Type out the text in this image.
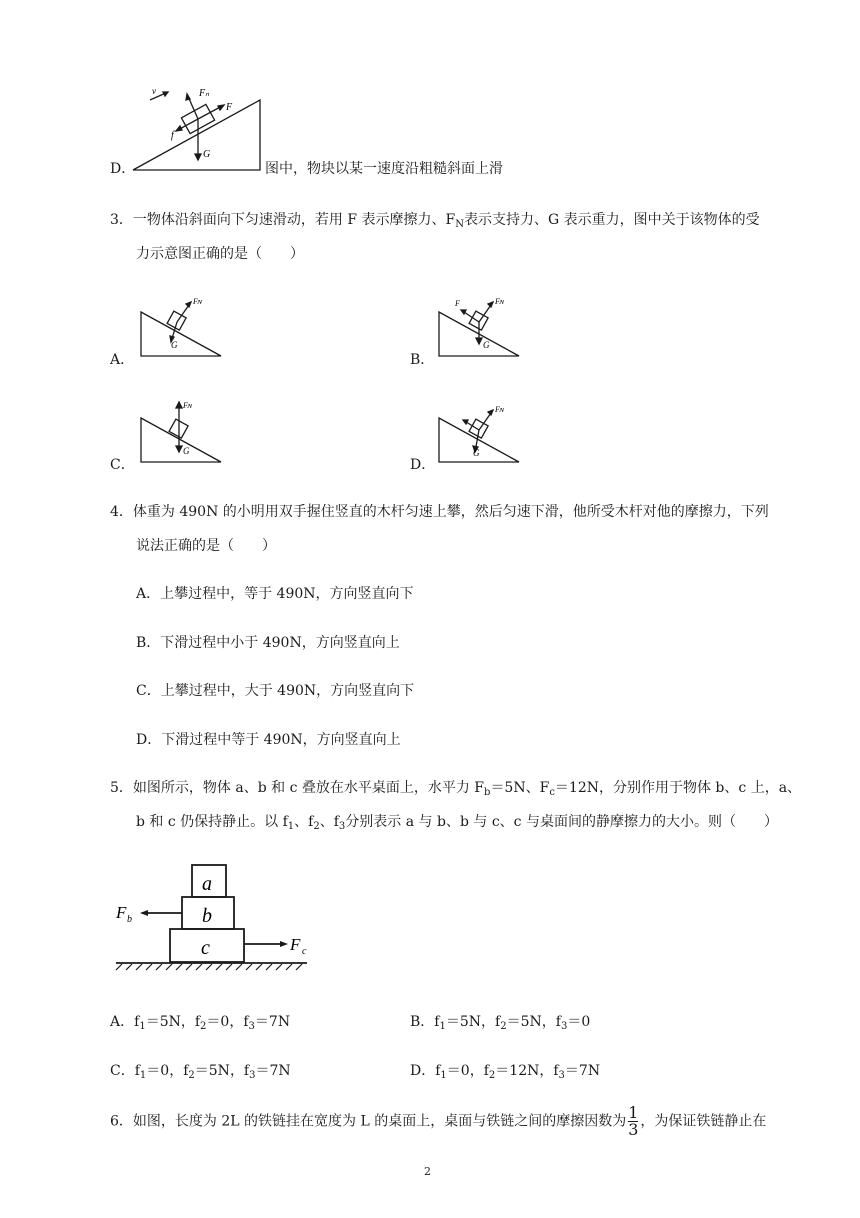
D．
v	Fₙ
F
f
G
图中，物块以某一速度沿粗糙斜面上滑
3．一物体沿斜面向下匀速滑动，若用 F 表示摩擦力、$F_N$表示支持力、G 表示重力，图中关于该物体的受
力示意图正确的是（　　）
A．
Fɴ
G
B．
F	Fɴ
G
C．
Fɴ
G
D．
Fɴ
G
4．体重为 490N 的小明用双手握住竖直的木杆匀速上攀，然后匀速下滑，他所受木杆对他的摩擦力，下列
说法正确的是（　　）
A．上攀过程中，等于 490N，方向竖直向下
B．下滑过程中小于 490N，方向竖直向上
C．上攀过程中，大于 490N，方向竖直向下
D．下滑过程中等于 490N，方向竖直向上
5．如图所示，物体 a、b 和 c 叠放在水平桌面上，水平力 $F_b=5N$、$F_c=12N$，分别作用于物体 b、c 上，a、
b 和 c 仍保持静止。以 $f_1$、$f_2$、$f_3$分别表示 a 与 b、b 与 c、c 与桌面间的静摩擦力的大小。则（　　）
a
b
c
F b
F c
A．$f_1=5N$，$f_2=0$，$f_3=7N$	B．$f_1=5N$，$f_2=5N$，$f_3=0$
C．$f_1=0$，$f_2=5N$，$f_3=7N$	D．$f_1=0$，$f_2=12N$，$f_3=7N$
6．如图，长度为 2L 的铁链挂在宽度为 L 的桌面上，桌面与铁链之间的摩擦因数为 $\frac{1}{3}$ ，为保证铁链静止在
2
